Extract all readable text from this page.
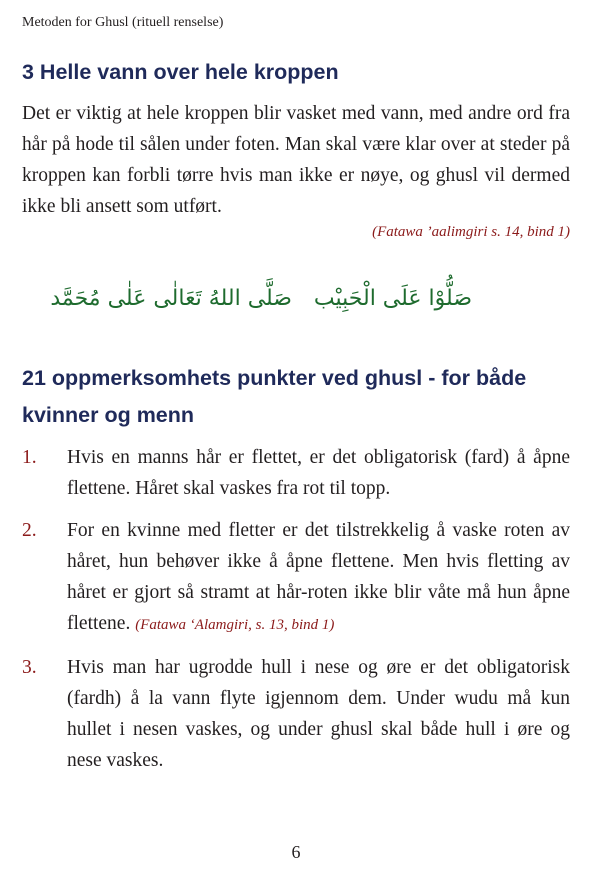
Metoden for Ghusl (rituell renselse)
3 Helle vann over hele kroppen

Det er viktig at hele kroppen blir vasket med vann, med andre ord fra hår på hode til sålen under foten. Man skal være klar over at steder på kroppen kan forbli tørre hvis man ikke er nøye, og ghusl vil dermed ikke bli ansett som utført.

(Fatawa ’aalimgiri s. 14, bind 1)
صَلُّوْا عَلَى الْحَبِيْب
صَلَّى اللهُ تَعَالٰى عَلٰى مُحَمَّد
21 oppmerksomhets punkter ved ghusl - for både kvinner og menn
1. Hvis en manns hår er flettet, er det obligatorisk (fard) å åpne flettene. Håret skal vaskes fra rot til topp.
2. For en kvinne med fletter er det tilstrekkelig å vaske roten av håret, hun behøver ikke å åpne flettene. Men hvis fletting av håret er gjort så stramt at hår-roten ikke blir våte må hun åpne flettene. (Fatawa ‘Alamgiri, s. 13, bind 1)
3. Hvis man har ugrodde hull i nese og øre er det obligatorisk (fardh) å la vann flyte igjennom dem. Under wudu må kun hullet i nesen vaskes, og under ghusl skal både hull i øre og nese vaskes.
6
